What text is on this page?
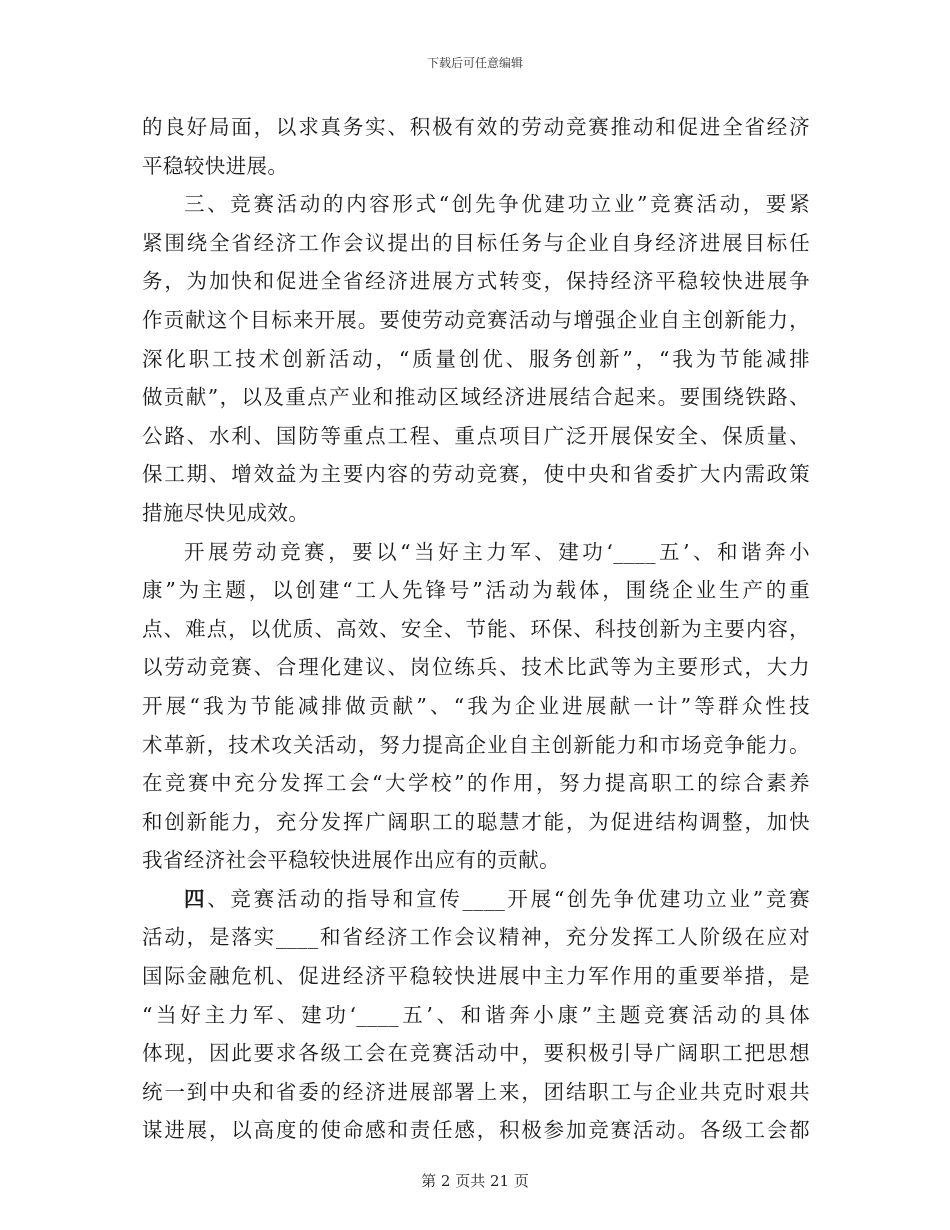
下载后可任意编辑
的良好局面，以求真务实、积极有效的劳动竞赛推动和促进全省经济
平稳较快进展。
三、竞赛活动的内容形式“创先争优建功立业”竞赛活动，要紧
紧围绕全省经济工作会议提出的目标任务与企业自身经济进展目标任
务，为加快和促进全省经济进展方式转变，保持经济平稳较快进展争
作贡献这个目标来开展。要使劳动竞赛活动与增强企业自主创新能力，
深化职工技术创新活动，“质量创优、服务创新”，“我为节能减排
做贡献”，以及重点产业和推动区域经济进展结合起来。要围绕铁路、
公路、水利、国防等重点工程、重点项目广泛开展保安全、保质量、
保工期、增效益为主要内容的劳动竞赛，使中央和省委扩大内需政策
措施尽快见成效。
开展劳动竞赛，要以“当好主力军、建功‘____五’、和谐奔小
康”为主题，以创建“工人先锋号”活动为载体，围绕企业生产的重
点、难点，以优质、高效、安全、节能、环保、科技创新为主要内容，
以劳动竞赛、合理化建议、岗位练兵、技术比武等为主要形式，大力
开展“我为节能减排做贡献”、“我为企业进展献一计”等群众性技
术革新，技术攻关活动，努力提高企业自主创新能力和市场竞争能力。
在竞赛中充分发挥工会“大学校”的作用，努力提高职工的综合素养
和创新能力，充分发挥广阔职工的聪慧才能，为促进结构调整，加快
我省经济社会平稳较快进展作出应有的贡献。
四、竞赛活动的指导和宣传____开展“创先争优建功立业”竞赛
活动，是落实____和省经济工作会议精神，充分发挥工人阶级在应对
国际金融危机、促进经济平稳较快进展中主力军作用的重要举措，是
“当好主力军、建功‘____五’、和谐奔小康”主题竞赛活动的具体
体现，因此要求各级工会在竞赛活动中，要积极引导广阔职工把思想
统一到中央和省委的经济进展部署上来，团结职工与企业共克时艰共
谋进展，以高度的使命感和责任感，积极参加竞赛活动。各级工会都
第 2 页共 21 页
